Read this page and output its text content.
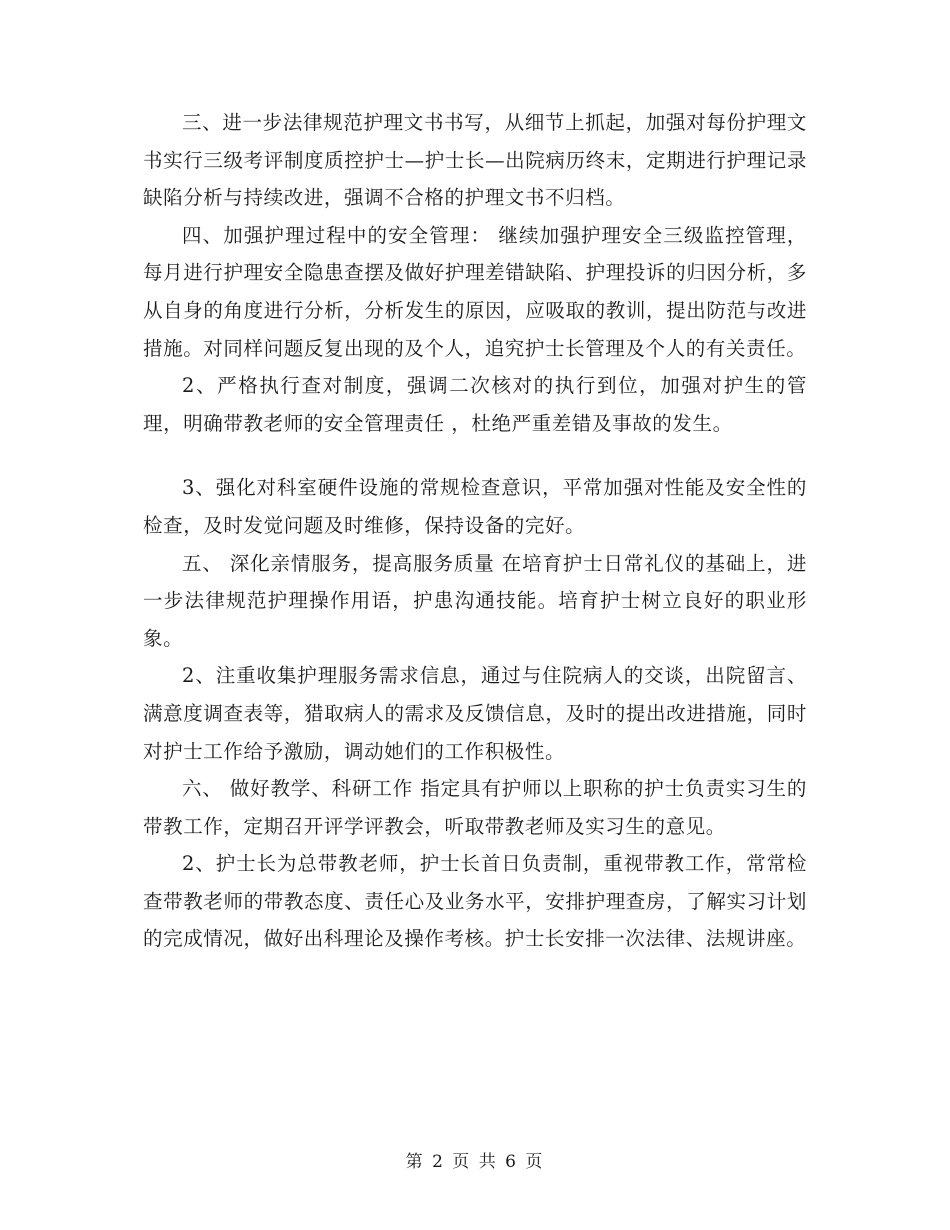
三、进一步法律规范护理文书书写，从细节上抓起，加强对每份护理文书实行三级考评制度质控护士—护士长—出院病历终末，定期进行护理记录缺陷分析与持续改进，强调不合格的护理文书不归档。

四、加强护理过程中的安全管理： 继续加强护理安全三级监控管理，每月进行护理安全隐患查摆及做好护理差错缺陷、护理投诉的归因分析，多从自身的角度进行分析，分析发生的原因，应吸取的教训，提出防范与改进措施。对同样问题反复出现的及个人，追究护士长管理及个人的有关责任。

2、严格执行查对制度，强调二次核对的执行到位，加强对护生的管理，明确带教老师的安全管理责任 ，杜绝严重差错及事故的发生。

3、强化对科室硬件设施的常规检查意识，平常加强对性能及安全性的检查，及时发觉问题及时维修，保持设备的完好。

五、 深化亲情服务，提高服务质量 在培育护士日常礼仪的基础上，进一步法律规范护理操作用语，护患沟通技能。培育护士树立良好的职业形象。

2、注重收集护理服务需求信息，通过与住院病人的交谈，出院留言、满意度调查表等，猎取病人的需求及反馈信息，及时的提出改进措施，同时对护士工作给予激励，调动她们的工作积极性。

六、 做好教学、科研工作 指定具有护师以上职称的护士负责实习生的带教工作，定期召开评学评教会，听取带教老师及实习生的意见。

2、护士长为总带教老师，护士长首日负责制，重视带教工作，常常检查带教老师的带教态度、责任心及业务水平，安排护理查房，了解实习计划的完成情况，做好出科理论及操作考核。护士长安排一次法律、法规讲座。

第 2 页 共 6 页
